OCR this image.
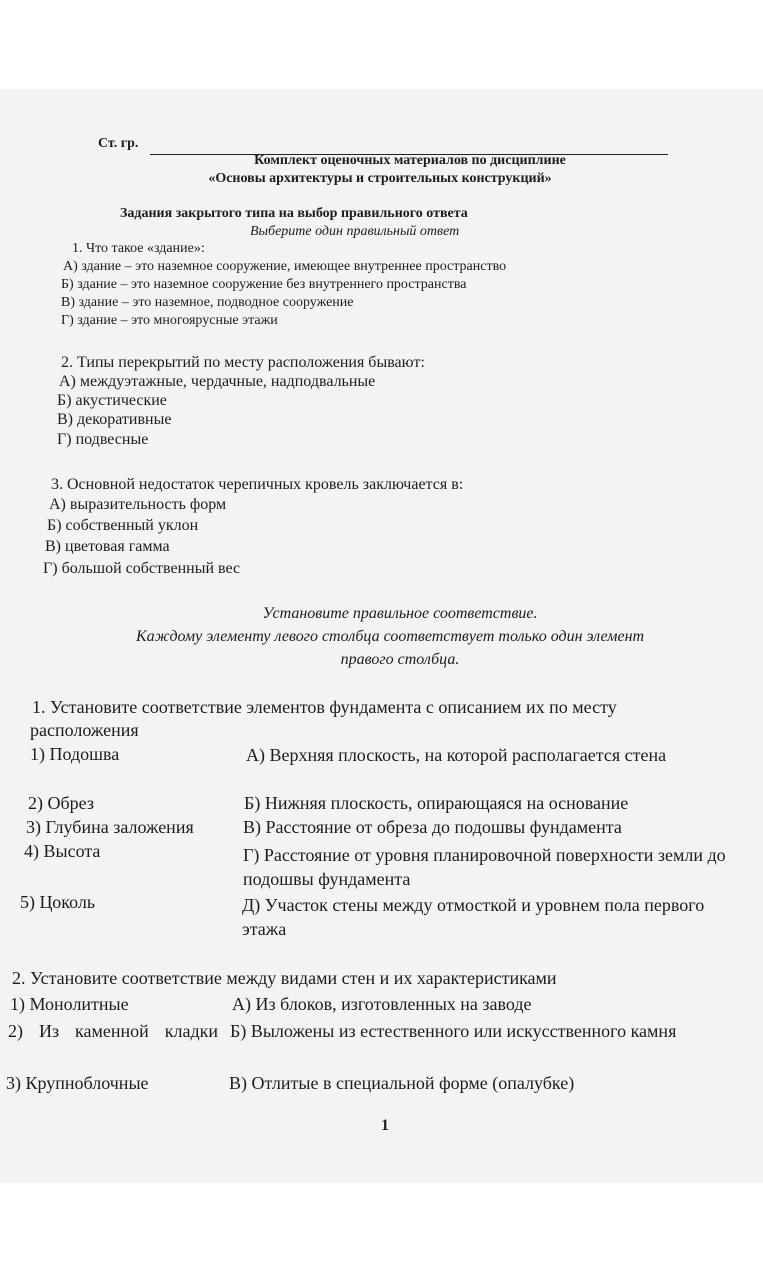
Ст. гр.
Комплект оценочных материалов по дисциплине
«Основы архитектуры и строительных конструкций»
Задания закрытого типа на выбор правильного ответа
Выберите один правильный ответ
1. Что такое «здание»:
А) здание – это наземное сооружение, имеющее внутреннее пространство
Б) здание – это наземное сооружение без внутреннего пространства
В) здание – это наземное, подводное сооружение
Г) здание – это многоярусные этажи
2. Типы перекрытий по месту расположения бывают:
А) междуэтажные, чердачные, надподвальные
Б) акустические
В) декоративные
Г) подвесные
3. Основной недостаток черепичных кровель заключается в:
А) выразительность форм
Б) собственный уклон
В) цветовая гамма
Г) большой собственный вес
Установите правильное соответствие.
Каждому элементу левого столбца соответствует только один элемент
правого столбца.
1. Установите соответствие элементов фундамента с описанием их по месту
расположения
1) Подошва
2) Обрез
3) Глубина заложения
4) Высота
5) Цоколь
А) Верхняя плоскость, на которой располагается стена
Б) Нижняя плоскость, опирающаяся на основание
В) Расстояние от обреза до подошвы фундамента
Г) Расстояние от уровня планировочной поверхности земли до подошвы фундамента
Д) Участок стены между отмосткой и уровнем пола первого этажа
2. Установите соответствие между видами стен и их характеристиками
1) Монолитные
2) Из каменной кладки
3) Крупноблочные
А) Из блоков, изготовленных на заводе
Б) Выложены из естественного или искусственного камня
В) Отлитые в специальной форме (опалубке)
1
